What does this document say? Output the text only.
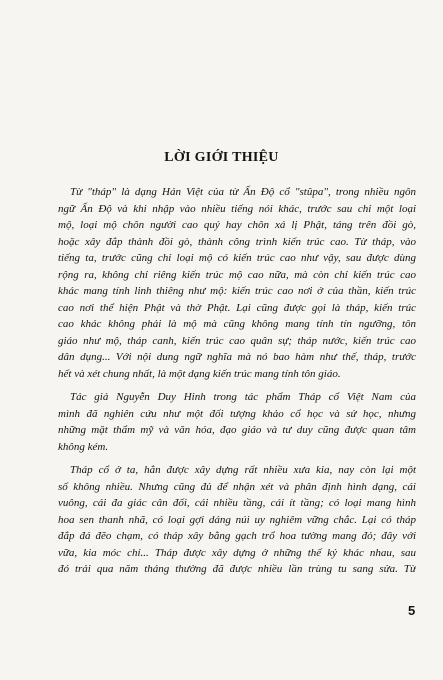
LỜI GIỚI THIỆU
Từ "tháp" là dạng Hán Việt của từ Ấn Độ cổ "stûpa", trong nhiều ngôn
ngữ Ấn Độ và khi nhập vào nhiều tiếng nói khác, trước sau chỉ một loại
mộ, loại mộ chôn người cao quý hay chôn xá lị Phật, táng trên đồi gò,
hoặc xây đắp thành đồi gò, thành công trình kiến trúc cao. Từ tháp, vào
tiếng ta, trước cũng chỉ loại mộ có kiến trúc cao như vậy, sau được dùng
rộng ra, không chỉ riêng kiến trúc mộ cao nữa, mà còn chỉ kiến trúc cao
khác mang tính linh thiêng như mộ: kiến trúc cao nơi ở của thần, kiến trúc
cao nơi thể hiện Phật và thờ Phật. Lại cũng được gọi là tháp, kiến trúc
cao khác không phải là mộ mà cũng không mang tính tín ngưỡng, tôn
giáo như mộ, tháp canh, kiến trúc cao quân sự; tháp nước, kiến trúc cao
dân dụng... Với nội dung ngữ nghĩa mà nó bao hàm như thế, tháp, trước
hết và xét chung nhất, là một dạng kiến trúc mang tính tôn giáo.
Tác giả Nguyễn Duy Hinh trong tác phẩm Tháp cổ Việt Nam của
mình đã nghiên cứu như một đối tượng khảo cổ học và sử học, nhưng
những mặt thẩm mỹ và văn hóa, đạo giáo và tư duy cũng được quan tâm
không kém.
Tháp cổ ở ta, hẳn được xây dựng rất nhiều xưa kia, nay còn lại một
số không nhiều. Nhưng cũng đủ để nhận xét và phân định hình dạng, cái
vuông, cái đa giác cân đối, cái nhiều tầng, cái ít tầng; có loại mang hình
hoa sen thanh nhã, có loại gợi dáng núi uy nghiêm vững chắc. Lại có tháp
đắp đá đẽo chạm, có tháp xây bằng gạch trổ hoa tường mang đỏ; đây với
vữa, kia móc chỉ... Tháp được xây dựng ở những thế kỷ khác nhau, sau
đó trải qua năm tháng thường đã được nhiều lần trùng tu sang sửa. Từ
5
